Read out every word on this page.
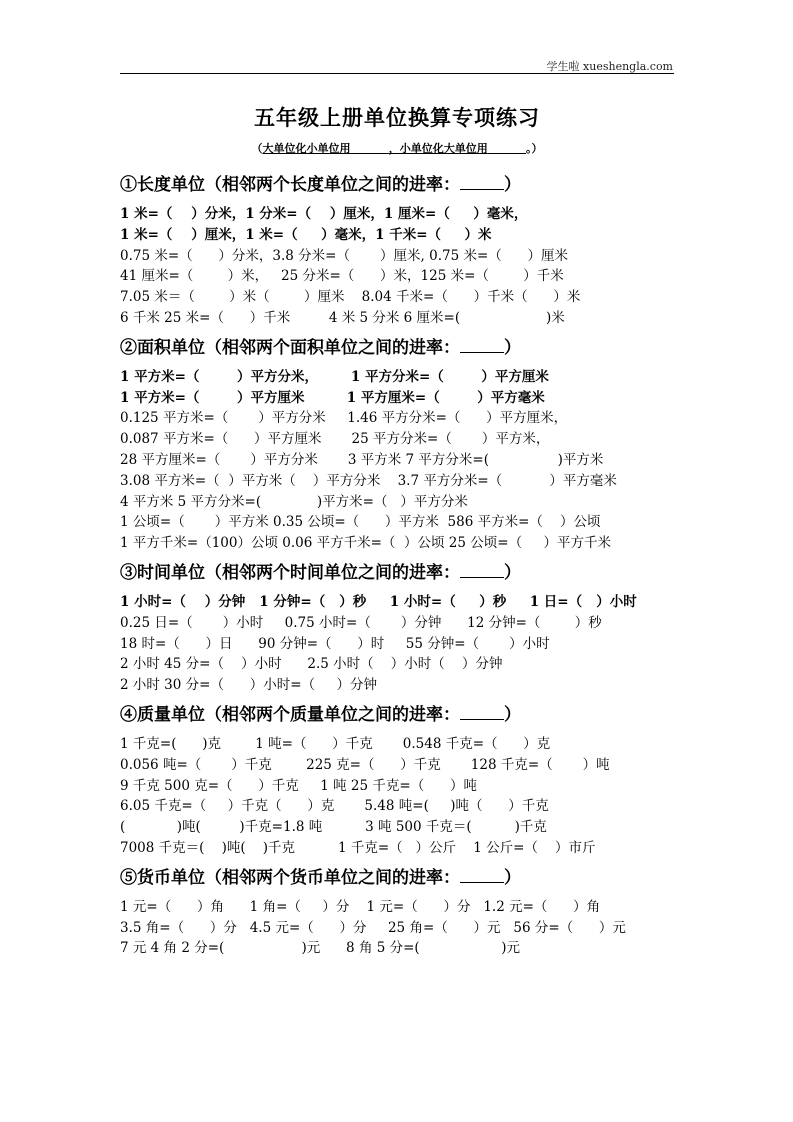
学生啦 xueshengla.com
五年级上册单位换算专项练习
（大单位化小单位用	，小单位化大单位用	。）
①长度单位（相邻两个长度单位之间的进率：	）
1 米=（    ）分米，1 分米=（    ）厘米，1 厘米=（     ）毫米，
1 米=（    ）厘米，1 米=（     ）毫米，1 千米=（     ）米
0.75 米=（      ）分米，3.8 分米=（       ）厘米, 0.75 米=（      ）厘米
41 厘米=（        ）米，   25 分米=（      ）米，125 米=（        ）千米
7.05 米＝（        ）米（        ）厘米    8.04 千米=（      ）千米（      ）米
6 千米 25 米=（      ）千米         4 米 5 分米 6 厘米=(                    )米
②面积单位（相邻两个面积单位之间的进率：	）
1 平方米=（        ）平方分米，       1 平方分米=（        ）平方厘米
1 平方米=（        ）平方厘米         1 平方厘米=（        ）平方毫米
0.125 平方米=（       ）平方分米     1.46 平方分米=（      ）平方厘米，
0.087 平方米=（      ）平方厘米       25 平方分米=（       ）平方米，
28 平方厘米=（       ）平方分米       3 平方米 7 平方分米=(                )平方米
3.08 平方米=（  ）平方米（    ）平方分米    3.7 平方分米=（           ）平方毫米
4 平方米 5 平方分米=(             )平方米=（   ）平方分米
1 公顷=（       ）平方米 0.35 公顷=（      ）平方米  586 平方米=（    ）公顷
1 平方千米=（100）公顷 0.06 平方千米=（  ）公顷 25 公顷=（     ）平方千米
③时间单位（相邻两个时间单位之间的进率：	）
1 小时=（    ）分钟   1 分钟=（   ）秒     1 小时=（     ）秒     1 日=（   ）小时
0.25 日=（       ）小时     0.75 小时=（       ）分钟      12 分钟=（        ）秒
18 时=（      ）日      90 分钟=（      ）时     55 分钟=（       ）小时
2 小时 45 分=（    ）小时      2.5 小时（    ）小时（    ）分钟
2 小时 30 分=（      ）小时=（     ）分钟
④质量单位（相邻两个质量单位之间的进率：	）
1 千克=(      )克        1 吨=（      ）千克       0.548 千克=（      ）克
0.056 吨=（       ）千克        225 克=（      ）千克       128 千克=（       ）吨
9 千克 500 克=（      ）千克     1 吨 25 千克=（      ）吨
6.05 千克=（     ）千克（      ）克       5.48 吨=(     )吨（      ）千克
(            )吨(         )千克=1.8 吨          3 吨 500 千克＝(          )千克
7008 千克＝(    )吨(    )千克          1 千克=（   ）公斤    1 公斤=（    ）市斤
⑤货币单位（相邻两个货币单位之间的进率：	）
1 元=（      ）角      1 角=（     ）分    1 元=（      ）分   1.2 元=（      ）角
3.5 角=（      ）分   4.5 元=（      ）分     25 角=（      ）元   56 分=（      ）元
7 元 4 角 2 分=(                  )元      8 角 5 分=(                   )元
